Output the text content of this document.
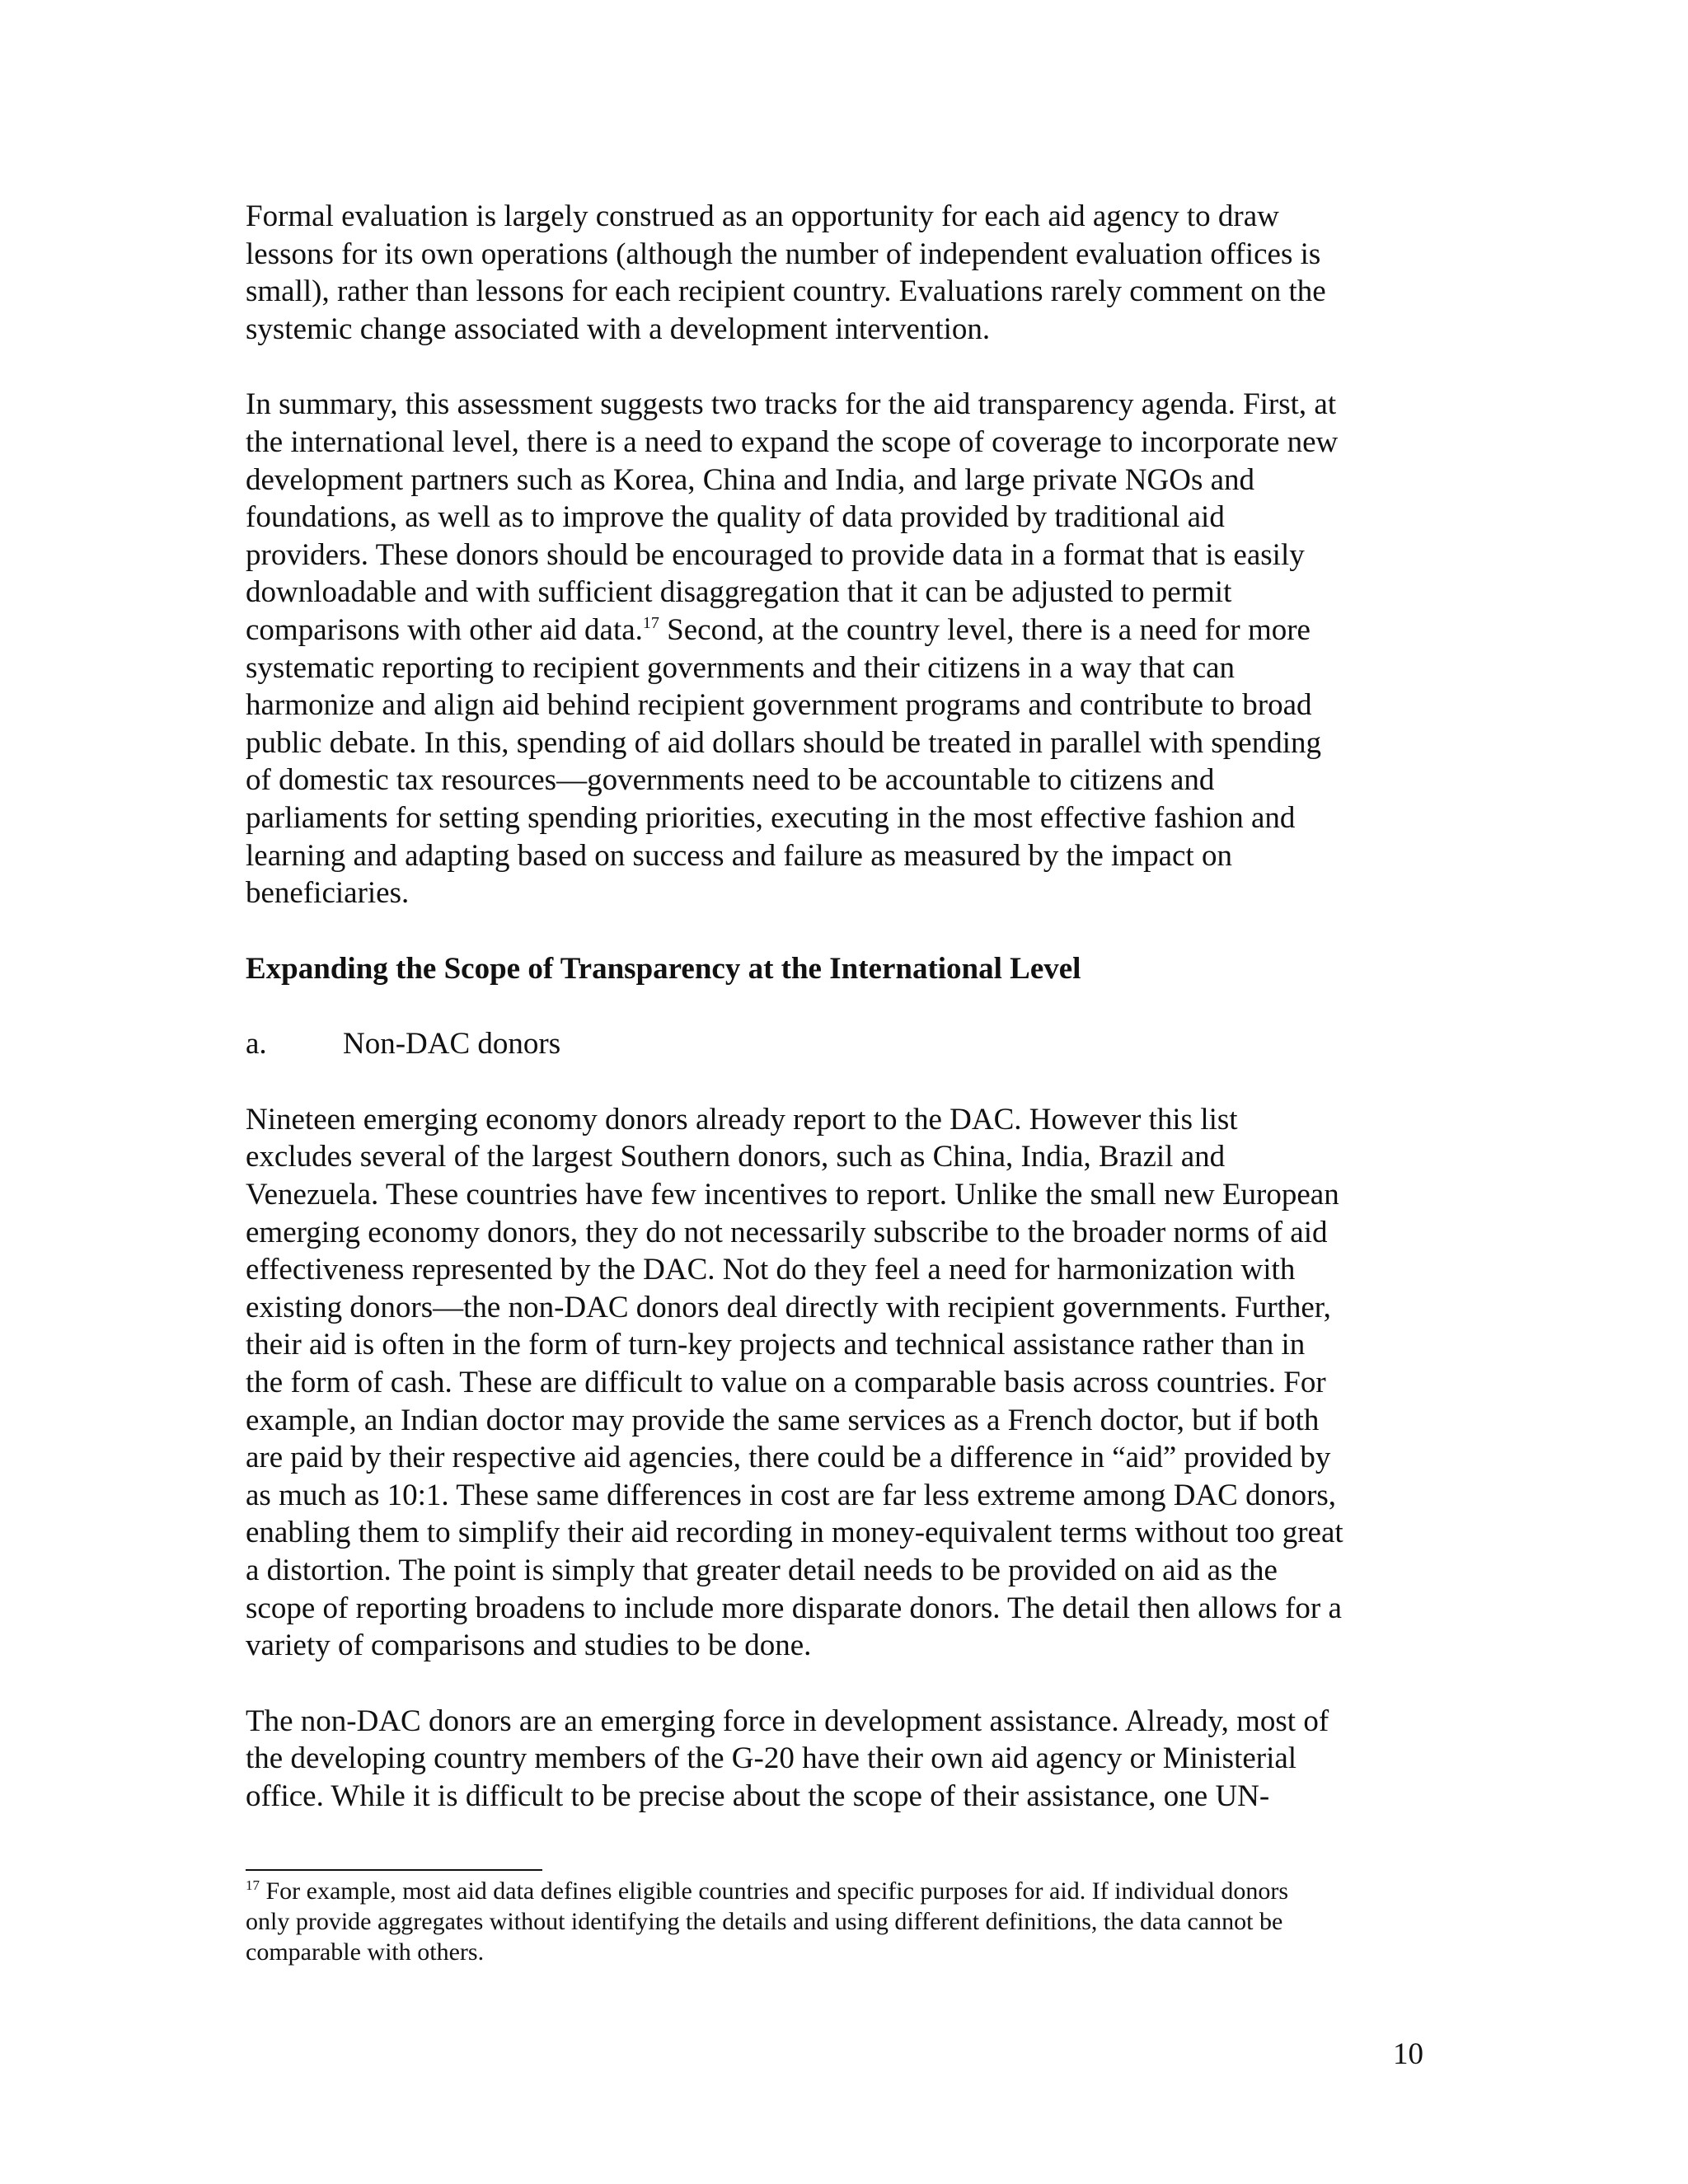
Formal evaluation is largely construed as an opportunity for each aid agency to draw
lessons for its own operations (although the number of independent evaluation offices is
small), rather than lessons for each recipient country. Evaluations rarely comment on the
systemic change associated with a development intervention.

In summary, this assessment suggests two tracks for the aid transparency agenda. First, at
the international level, there is a need to expand the scope of coverage to incorporate new
development partners such as Korea, China and India, and large private NGOs and
foundations, as well as to improve the quality of data provided by traditional aid
providers. These donors should be encouraged to provide data in a format that is easily
downloadable and with sufficient disaggregation that it can be adjusted to permit
comparisons with other aid data.$^{17}$ Second, at the country level, there is a need for more
systematic reporting to recipient governments and their citizens in a way that can
harmonize and align aid behind recipient government programs and contribute to broad
public debate. In this, spending of aid dollars should be treated in parallel with spending
of domestic tax resources—governments need to be accountable to citizens and
parliaments for setting spending priorities, executing in the most effective fashion and
learning and adapting based on success and failure as measured by the impact on
beneficiaries.

Expanding the Scope of Transparency at the International Level

a. Non-DAC donors

Nineteen emerging economy donors already report to the DAC. However this list
excludes several of the largest Southern donors, such as China, India, Brazil and
Venezuela. These countries have few incentives to report. Unlike the small new European
emerging economy donors, they do not necessarily subscribe to the broader norms of aid
effectiveness represented by the DAC. Not do they feel a need for harmonization with
existing donors—the non-DAC donors deal directly with recipient governments. Further,
their aid is often in the form of turn-key projects and technical assistance rather than in
the form of cash. These are difficult to value on a comparable basis across countries. For
example, an Indian doctor may provide the same services as a French doctor, but if both
are paid by their respective aid agencies, there could be a difference in “aid” provided by
as much as 10:1. These same differences in cost are far less extreme among DAC donors,
enabling them to simplify their aid recording in money-equivalent terms without too great
a distortion. The point is simply that greater detail needs to be provided on aid as the
scope of reporting broadens to include more disparate donors. The detail then allows for a
variety of comparisons and studies to be done.

The non-DAC donors are an emerging force in development assistance. Already, most of
the developing country members of the G-20 have their own aid agency or Ministerial
office. While it is difficult to be precise about the scope of their assistance, one UN-

$^{17}$ For example, most aid data defines eligible countries and specific purposes for aid. If individual donors
only provide aggregates without identifying the details and using different definitions, the data cannot be
comparable with others.
10
